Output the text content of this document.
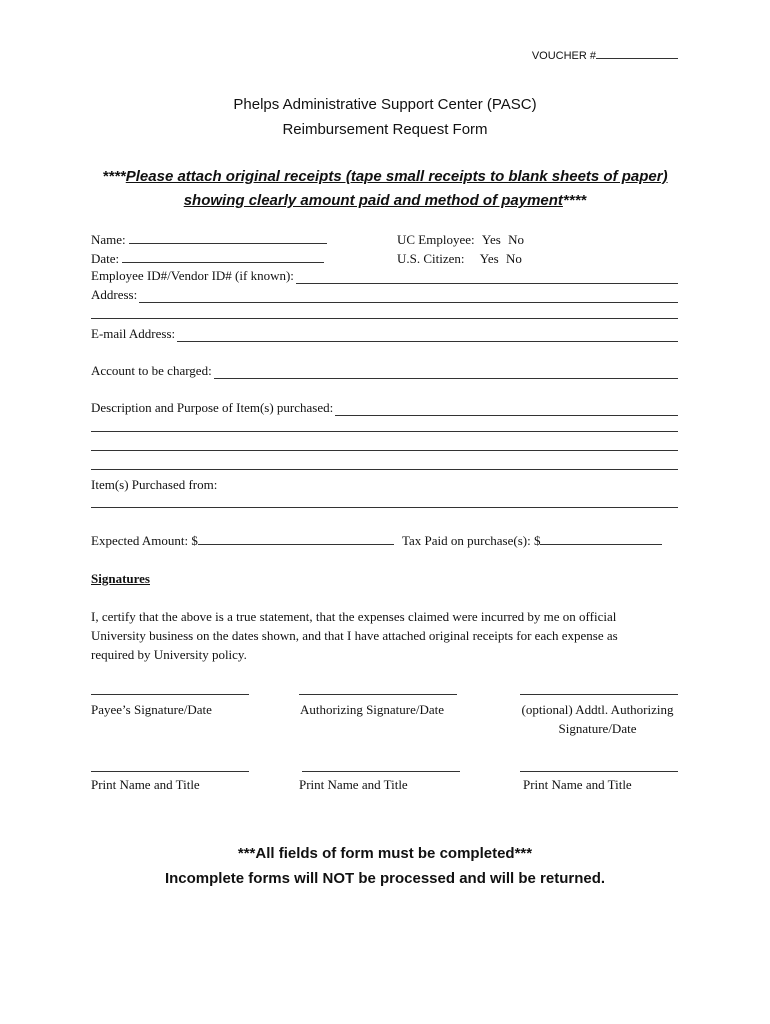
VOUCHER #
Phelps Administrative Support Center (PASC)
Reimbursement Request Form
****Please attach original receipts (tape small receipts to blank sheets of paper)
showing clearly amount paid and method of payment****
Name:	UC Employee: Yes No
Date:	U.S. Citizen: Yes No
Employee ID#/Vendor ID# (if known):
Address:
E-mail Address:
Account to be charged:
Description and Purpose of Item(s) purchased:
Item(s) Purchased from:
Expected Amount: $	Tax Paid on purchase(s): $
Signatures
I, certify that the above is a true statement, that the expenses claimed were incurred by me on official University business on the dates shown, and that I have attached original receipts for each expense as required by University policy.
Payee’s Signature/Date	Authorizing Signature/Date	(optional) Addtl. Authorizing
Signature/Date
Print Name and Title	Print Name and Title	Print Name and Title
***All fields of form must be completed***
Incomplete forms will NOT be processed and will be returned.
